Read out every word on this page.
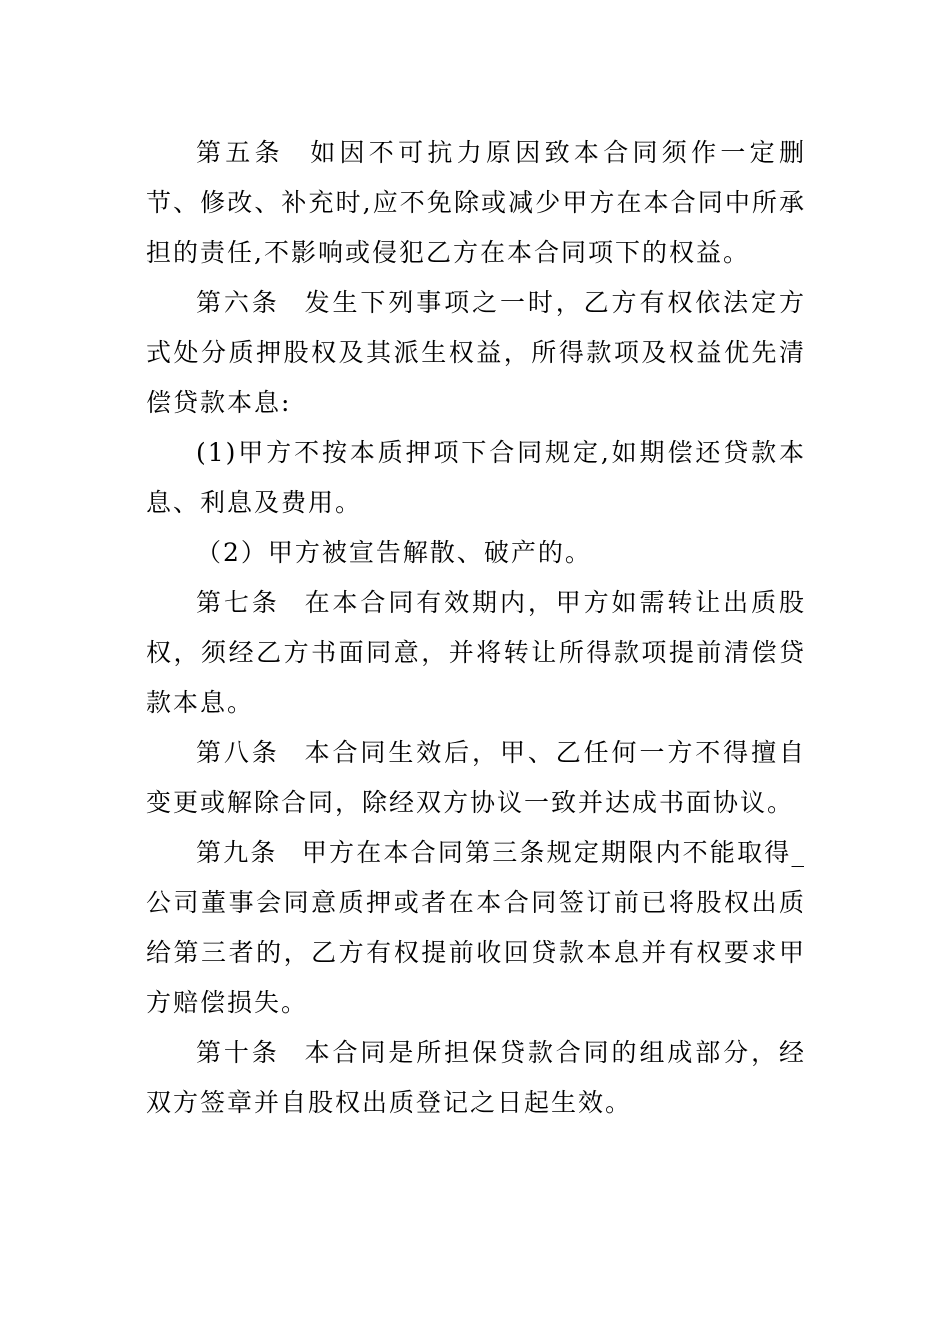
第五条 如因不可抗力原因致本合同须作一定删节、修改、补充时,应不免除或减少甲方在本合同中所承担的责任,不影响或侵犯乙方在本合同项下的权益。

第六条 发生下列事项之一时，乙方有权依法定方式处分质押股权及其派生权益，所得款项及权益优先清偿贷款本息:

(1)甲方不按本质押项下合同规定,如期偿还贷款本息、利息及费用。

（2）甲方被宣告解散、破产的。

第七条 在本合同有效期内，甲方如需转让出质股权，须经乙方书面同意，并将转让所得款项提前清偿贷款本息。

第八条 本合同生效后，甲、乙任何一方不得擅自变更或解除合同，除经双方协议一致并达成书面协议。

第九条 甲方在本合同第三条规定期限内不能取得_公司董事会同意质押或者在本合同签订前已将股权出质给第三者的，乙方有权提前收回贷款本息并有权要求甲方赔偿损失。

第十条 本合同是所担保贷款合同的组成部分，经双方签章并自股权出质登记之日起生效。
